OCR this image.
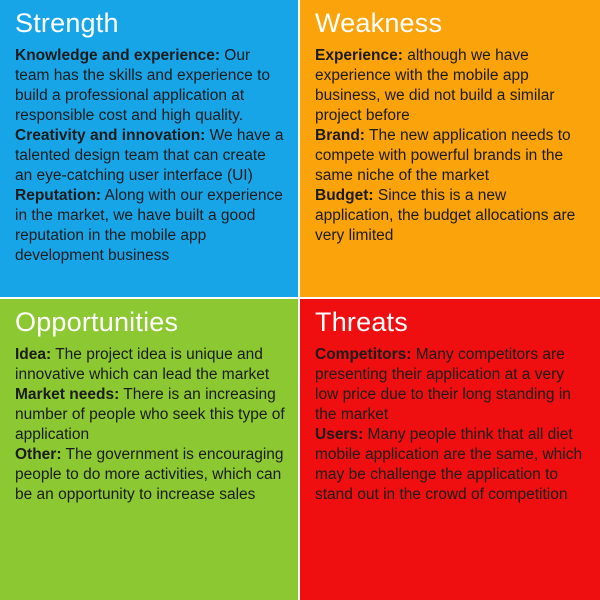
Strength

Knowledge and experience: Our team has the skills and experience to build a professional application at responsible cost and high quality.

Creativity and innovation: We have a talented design team that can create an eye-catching user interface (UI)

Reputation: Along with our experience in the market, we have built a good reputation in the mobile app development business

Weakness

Experience: although we have experience with the mobile app business, we did not build a similar project before

Brand: The new application needs to compete with powerful brands in the same niche of the market

Budget: Since this is a new application, the budget allocations are very limited

Opportunities

Idea: The project idea is unique and innovative which can lead the market

Market needs: There is an increasing number of people who seek this type of application

Other: The government is encouraging people to do more activities, which can be an opportunity to increase sales

Threats

Competitors: Many competitors are presenting their application at a very low price due to their long standing in the market

Users: Many people think that all diet mobile application are the same, which may be challenge the application to stand out in the crowd of competition
